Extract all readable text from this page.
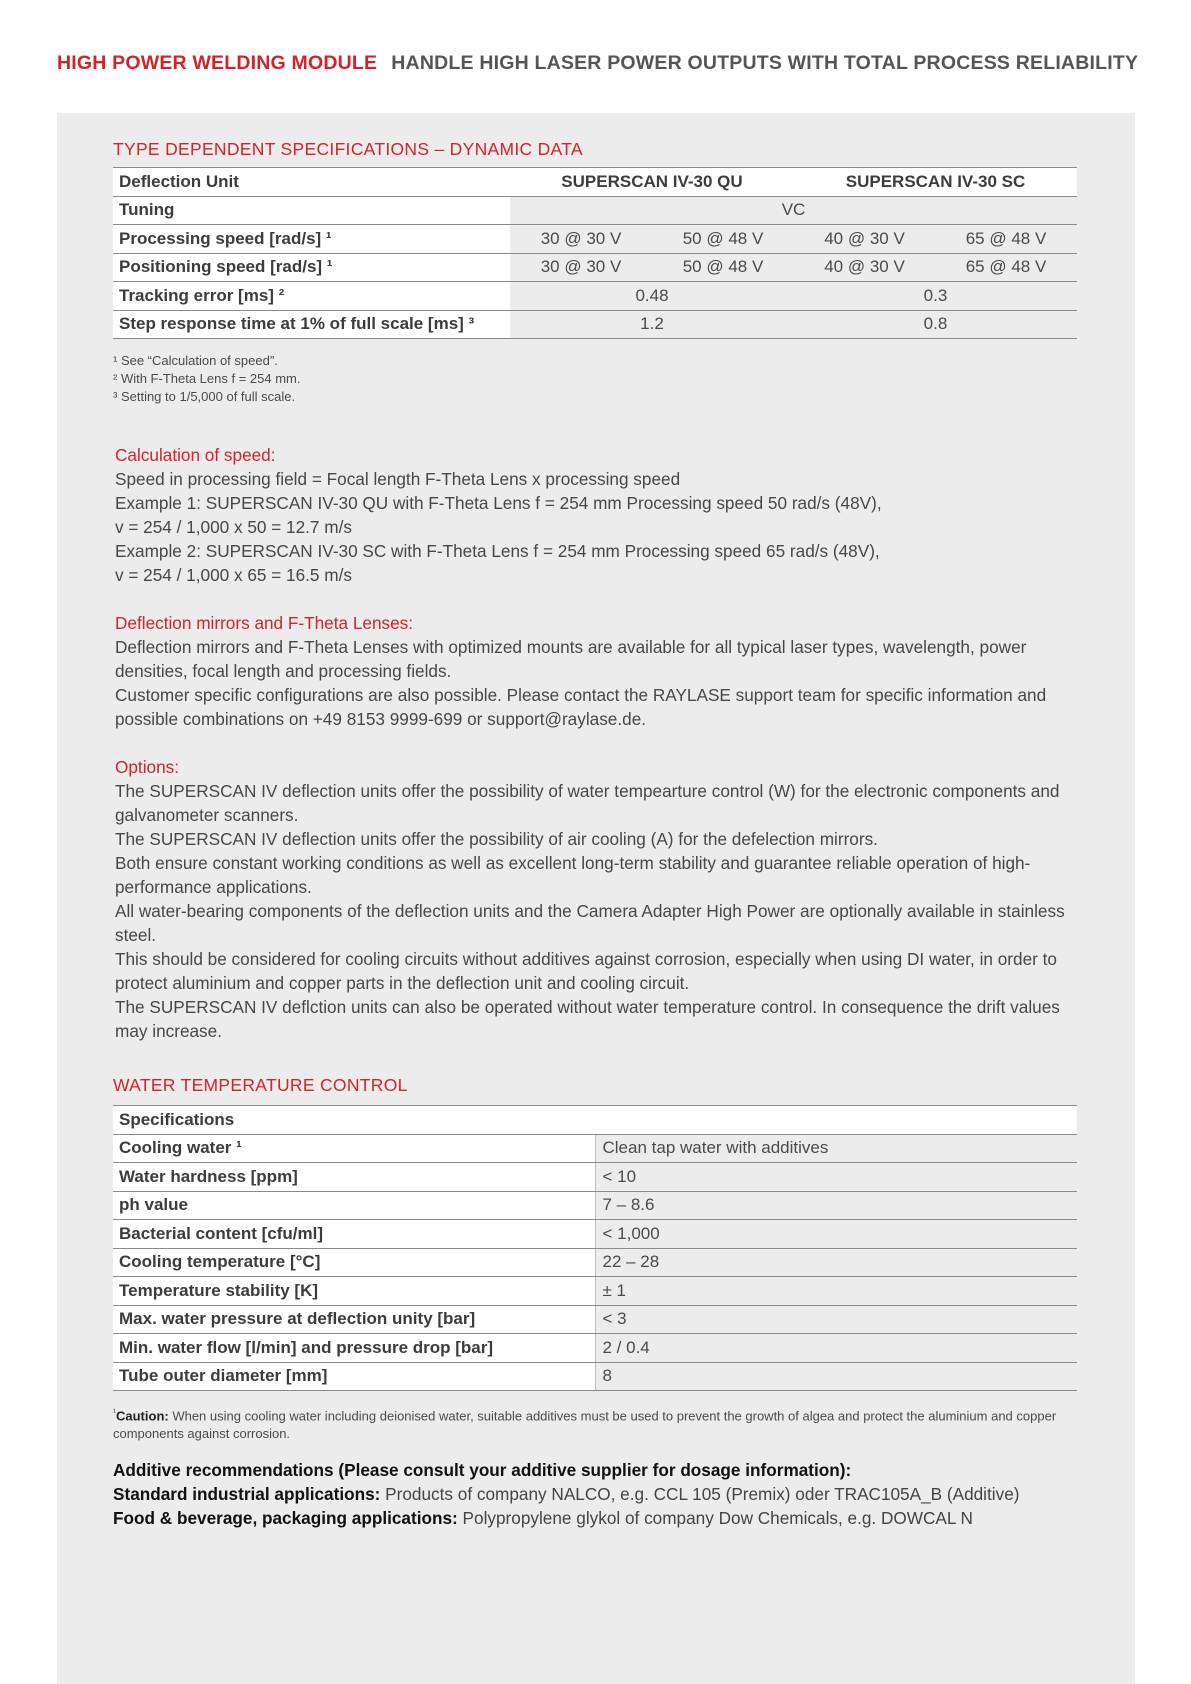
HIGH POWER WELDING MODULE HANDLE HIGH LASER POWER OUTPUTS WITH TOTAL PROCESS RELIABILITY
TYPE DEPENDENT SPECIFICATIONS – DYNAMIC DATA
Deflection Unit	SUPERSCAN IV-30 QU		SUPERSCAN IV-30 SC	
Tuning	VC			
Processing speed [rad/s] ¹	30 @ 30 V	50 @ 48 V	40 @ 30 V	65 @ 48 V
Positioning speed [rad/s] ¹	30 @ 30 V	50 @ 48 V	40 @ 30 V	65 @ 48 V
Tracking error [ms] ²	0.48		0.3	
Step response time at 1% of full scale [ms] ³	1.2		0.8	
¹ See “Calculation of speed”.
² With F-Theta Lens f = 254 mm.
³ Setting to 1/5,000 of full scale.
Calculation of speed:
Speed in processing field = Focal length F-Theta Lens x processing speed
Example 1: SUPERSCAN IV-30 QU with F-Theta Lens f = 254 mm Processing speed 50 rad/s (48V),
v = 254 / 1,000 x 50 = 12.7 m/s
Example 2: SUPERSCAN IV-30 SC with F-Theta Lens f = 254 mm Processing speed 65 rad/s (48V),
v = 254 / 1,000 x 65 = 16.5 m/s
Deflection mirrors and F-Theta Lenses:
Deflection mirrors and F-Theta Lenses with optimized mounts are available for all typical laser types, wavelength, power densities, focal length and processing fields.
Customer specific configurations are also possible. Please contact the RAYLASE support team for specific information and possible combinations on +49 8153 9999-699 or support@raylase.de.
Options:
The SUPERSCAN IV deflection units offer the possibility of water tempearture control (W) for the electronic components and galvanometer scanners.
The SUPERSCAN IV deflection units offer the possibility of air cooling (A) for the defelection mirrors.
Both ensure constant working conditions as well as excellent long-term stability and guarantee reliable operation of high-performance applications.
All water-bearing components of the deflection units and the Camera Adapter High Power are optionally available in stainless steel.
This should be considered for cooling circuits without additives against corrosion, especially when using DI water, in order to protect aluminium and copper parts in the deflection unit and cooling circuit.
The SUPERSCAN IV deflction units can also be operated without water temperature control. In consequence the drift values may increase.
WATER TEMPERATURE CONTROL
Specifications	
Cooling water ¹	Clean tap water with additives
Water hardness [ppm]	< 10
ph value	7 – 8.6
Bacterial content [cfu/ml]	< 1,000
Cooling temperature [°C]	22 – 28
Temperature stability [K]	± 1
Max. water pressure at deflection unity [bar]	< 3
Min. water flow [l/min] and pressure drop [bar]	2 / 0.4
Tube outer diameter [mm]	8
$^{^1}$Caution: When using cooling water including deionised water, suitable additives must be used to prevent the growth of algea and protect the aluminium and copper components against corrosion.
Additive recommendations (Please consult your additive supplier for dosage information):
Standard industrial applications: Products of company NALCO, e.g. CCL 105 (Premix) oder TRAC105A_B (Additive)
Food & beverage, packaging applications: Polypropylene glykol of company Dow Chemicals, e.g. DOWCAL N
